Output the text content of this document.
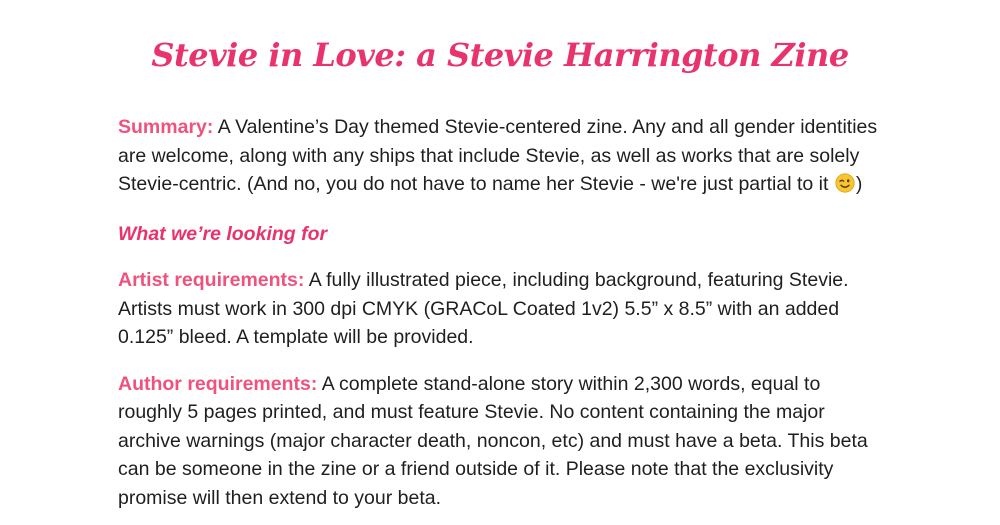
Stevie in Love: a Stevie Harrington Zine

Summary: A Valentine’s Day themed Stevie-centered zine. Any and all gender identities are welcome, along with any ships that include Stevie, as well as works that are solely Stevie-centric. (And no, you do not have to name her Stevie - we're just partial to it )

What we’re looking for

Artist requirements: A fully illustrated piece, including background, featuring Stevie. Artists must work in 300 dpi CMYK (GRACoL Coated 1v2) 5.5” x 8.5” with an added 0.125” bleed. A template will be provided.

Author requirements: A complete stand-alone story within 2,300 words, equal to roughly 5 pages printed, and must feature Stevie. No content containing the major archive warnings (major character death, noncon, etc) and must have a beta. This beta can be someone in the zine or a friend outside of it. Please note that the exclusivity promise will then extend to your beta.
